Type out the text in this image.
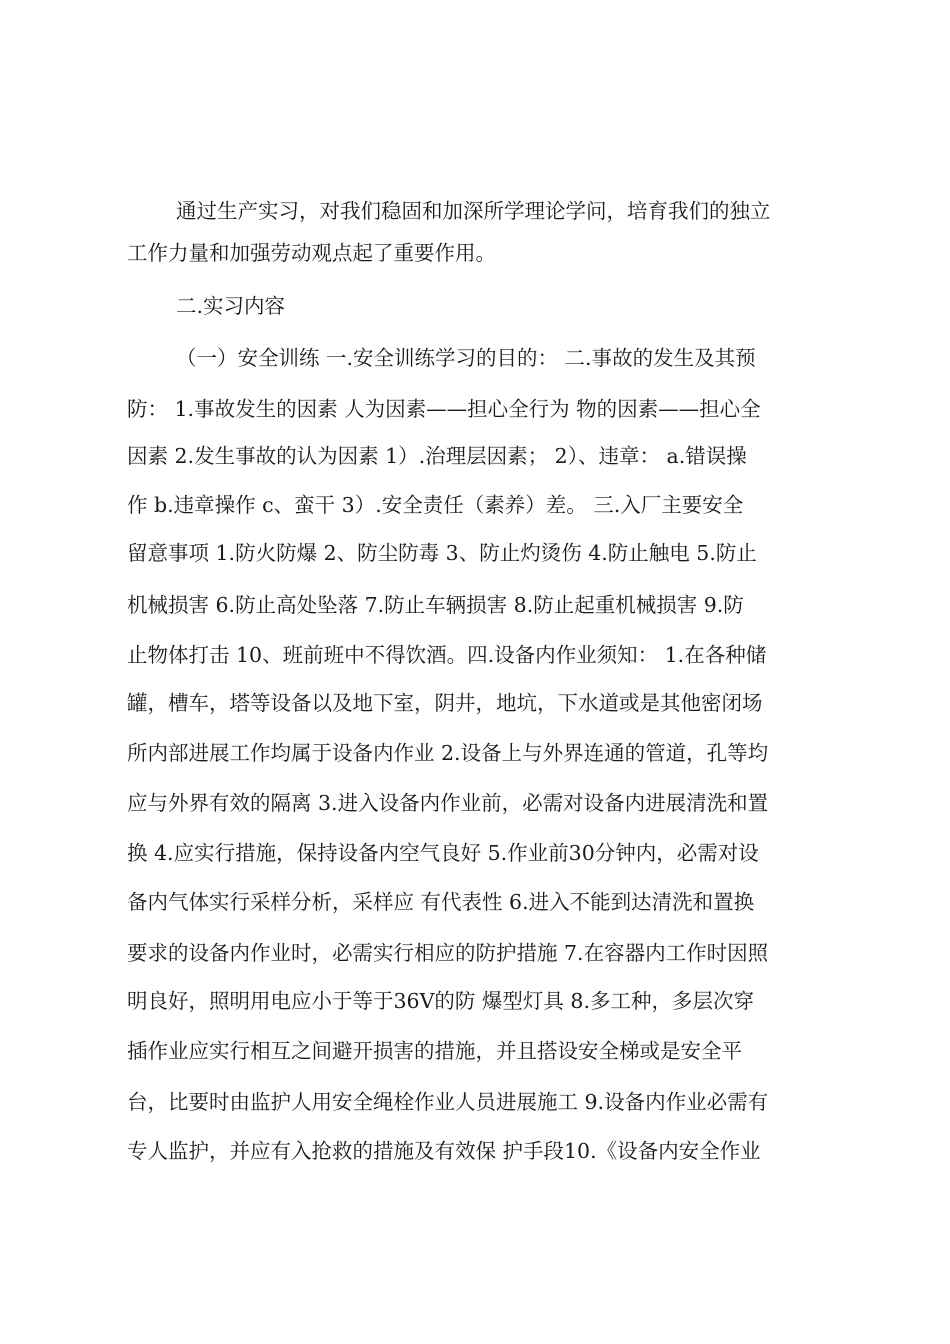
通过生产实习，对我们稳固和加深所学理论学问，培育我们的独立
工作力量和加强劳动观点起了重要作用。
二.实习内容
（一）安全训练 一.安全训练学习的目的： 二.事故的发生及其预
防： 1.事故发生的因素 人为因素——担心全行为 物的因素——担心全
因素 2.发生事故的认为因素 1）.治理层因素； 2）、违章： a.错误操
作 b.违章操作 c、蛮干 3）.安全责任（素养）差。 三.入厂主要安全
留意事项 1.防火防爆 2、防尘防毒 3、防止灼烫伤 4.防止触电 5.防止
机械损害 6.防止高处坠落 7.防止车辆损害 8.防止起重机械损害 9.防
止物体打击 10、班前班中不得饮酒。四.设备内作业须知： 1.在各种储
罐，槽车，塔等设备以及地下室，阴井，地坑，下水道或是其他密闭场
所内部进展工作均属于设备内作业 2.设备上与外界连通的管道，孔等均
应与外界有效的隔离 3.进入设备内作业前，必需对设备内进展清洗和置
换 4.应实行措施，保持设备内空气良好 5.作业前30分钟内，必需对设
备内气体实行采样分析，采样应 有代表性 6.进入不能到达清洗和置换
要求的设备内作业时，必需实行相应的防护措施 7.在容器内工作时因照
明良好，照明用电应小于等于36V的防 爆型灯具 8.多工种，多层次穿
插作业应实行相互之间避开损害的措施，并且搭设安全梯或是安全平
台，比要时由监护人用安全绳栓作业人员进展施工 9.设备内作业必需有
专人监护，并应有入抢救的措施及有效保 护手段10.《设备内安全作业
